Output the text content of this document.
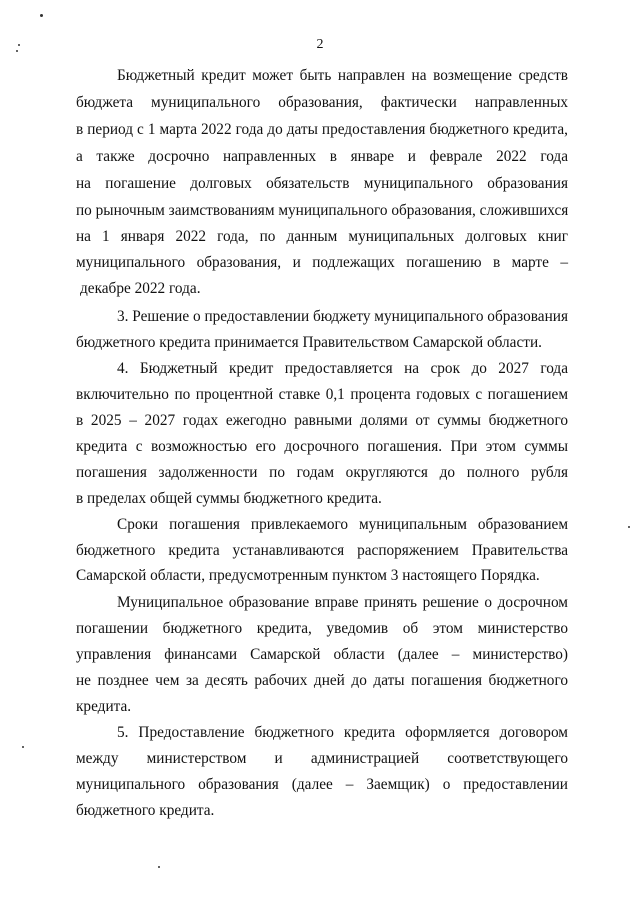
2
Бюджетный кредит может быть направлен на возмещение средств
бюджета муниципального образования, фактически направленных
в период с 1 марта 2022 года до даты предоставления бюджетного кредита,
а также досрочно направленных в январе и феврале 2022 года
на погашение долговых обязательств муниципального образования
по рыночным заимствованиям муниципального образования, сложившихся
на 1 января 2022 года, по данным муниципальных долговых книг
муниципального образования, и подлежащих погашению в марте –
декабре 2022 года.
3. Решение о предоставлении бюджету муниципального образования
бюджетного кредита принимается Правительством Самарской области.
4. Бюджетный кредит предоставляется на срок до 2027 года
включительно по процентной ставке 0,1 процента годовых с погашением
в 2025 – 2027 годах ежегодно равными долями от суммы бюджетного
кредита с возможностью его досрочного погашения. При этом суммы
погашения задолженности по годам округляются до полного рубля
в пределах общей суммы бюджетного кредита.
Сроки погашения привлекаемого муниципальным образованием
бюджетного кредита устанавливаются распоряжением Правительства
Самарской области, предусмотренным пунктом 3 настоящего Порядка.
Муниципальное образование вправе принять решение о досрочном
погашении бюджетного кредита, уведомив об этом министерство
управления финансами Самарской области (далее – министерство)
не позднее чем за десять рабочих дней до даты погашения бюджетного
кредита.
5. Предоставление бюджетного кредита оформляется договором
между министерством и администрацией соответствующего
муниципального образования (далее – Заемщик) о предоставлении
бюджетного кредита.
